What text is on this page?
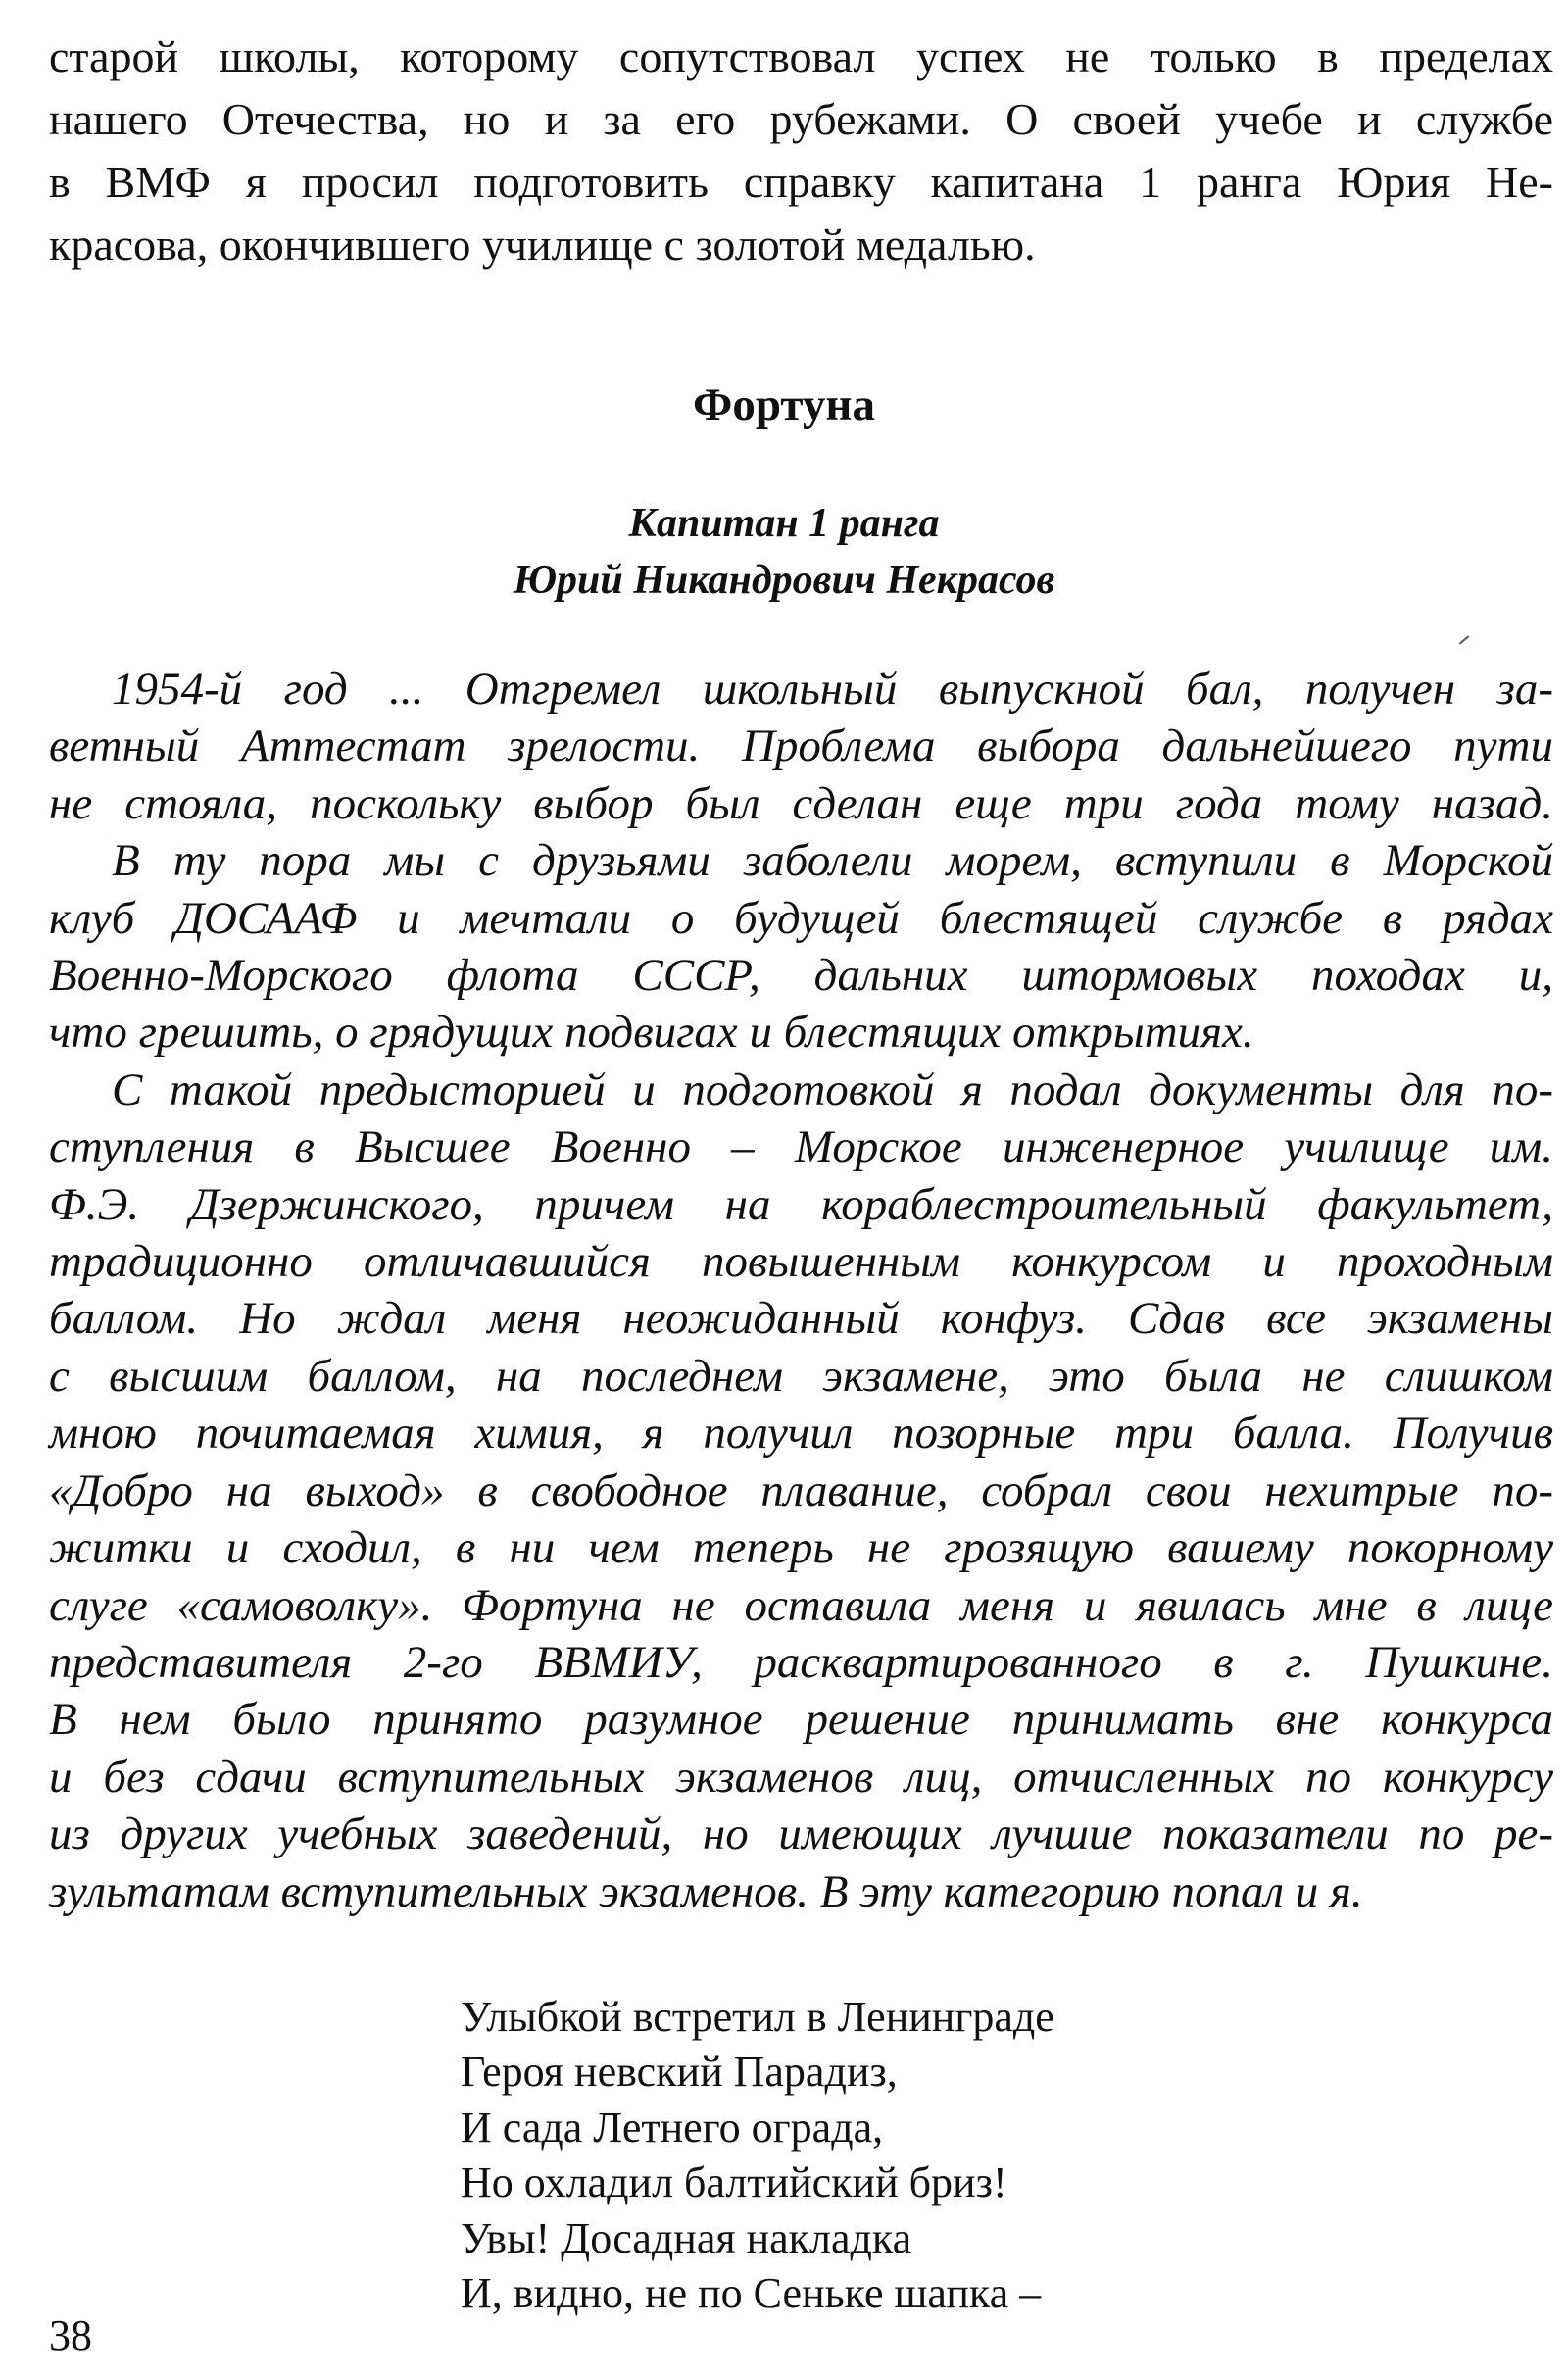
старой школы, которому сопутствовал успех не только в пределах
нашего Отечества, но и за его рубежами. О своей учебе и службе
в ВМФ я просил подготовить справку капитана 1 ранга Юрия Не-
красова, окончившего училище с золотой медалью.
Фортуна
Капитан 1 ранга
Юрий Никандрович Некрасов
1954-й год ... Отгремел школьный выпускной бал, получен за-
ветный Аттестат зрелости. Проблема выбора дальнейшего пути
не стояла, поскольку выбор был сделан еще три года тому назад.
В ту пора мы с друзьями заболели морем, вступили в Морской
клуб ДОСААФ и мечтали о будущей блестящей службе в рядах
Военно-Морского флота СССР, дальних штормовых походах и,
что грешить, о грядущих подвигах и блестящих открытиях.
С такой предысторией и подготовкой я подал документы для по-
ступления в Высшее Военно – Морское инженерное училище им.
Ф.Э. Дзержинского, причем на кораблестроительный факультет,
традиционно отличавшийся повышенным конкурсом и проходным
баллом. Но ждал меня неожиданный конфуз. Сдав все экзамены
с высшим баллом, на последнем экзамене, это была не слишком
мною почитаемая химия, я получил позорные три балла. Получив
«Добро на выход» в свободное плавание, собрал свои нехитрые по-
житки и сходил, в ни чем теперь не грозящую вашему покорному
слуге «самоволку». Фортуна не оставила меня и явилась мне в лице
представителя 2-го ВВМИУ, расквартированного в г. Пушкине.
В нем было принято разумное решение принимать вне конкурса
и без сдачи вступительных экзаменов лиц, отчисленных по конкурсу
из других учебных заведений, но имеющих лучшие показатели по ре-
зультатам вступительных экзаменов. В эту категорию попал и я.
Улыбкой встретил в Ленинграде
Героя невский Парадиз,
И сада Летнего ограда,
Но охладил балтийский бриз!
Увы! Досадная накладка
И, видно, не по Сеньке шапка –
38
